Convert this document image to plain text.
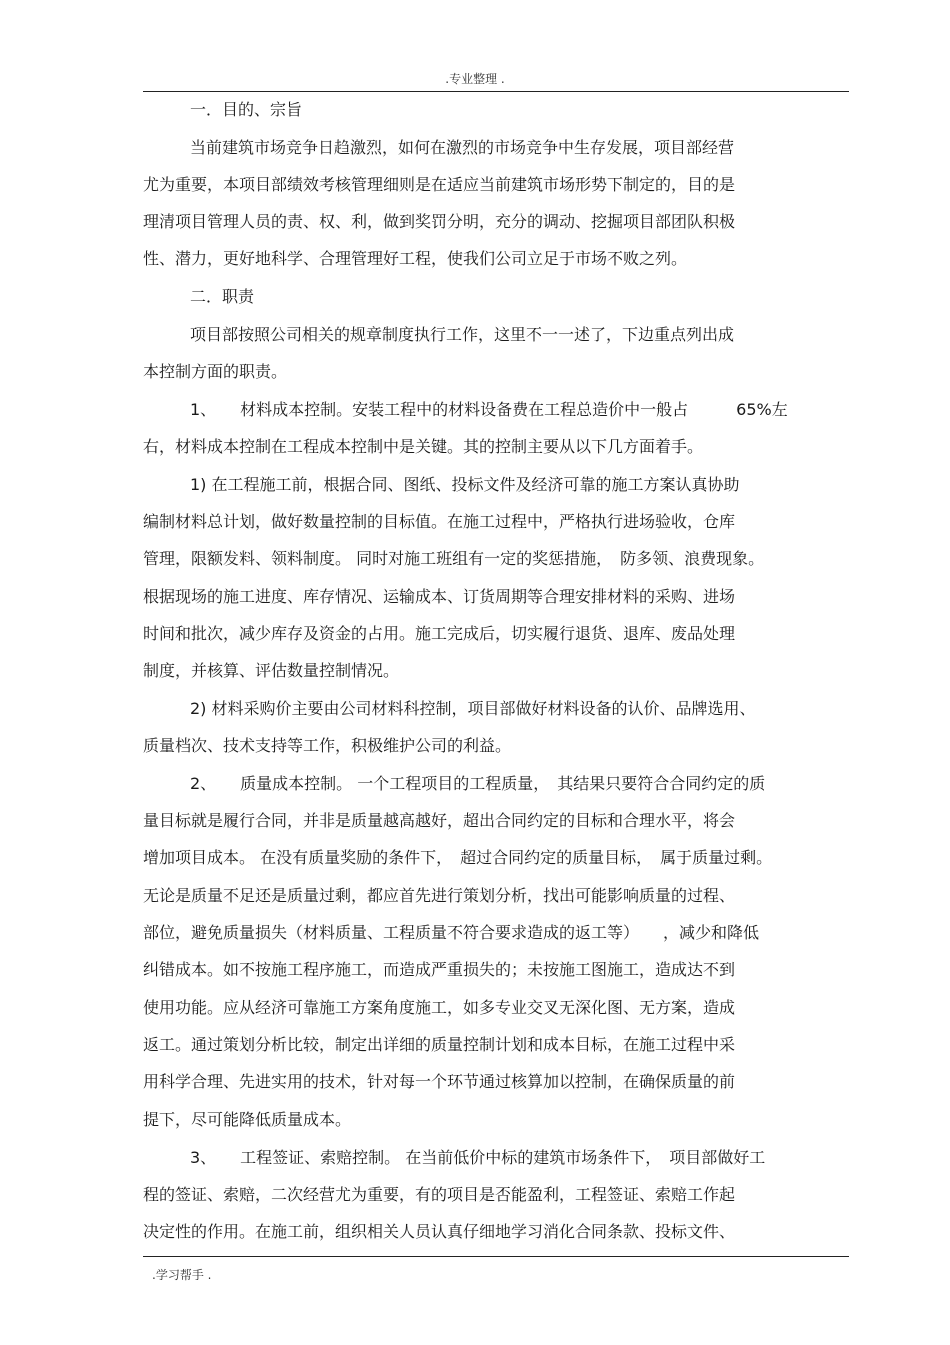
.专业整理 .
一．目的、宗旨
当前建筑市场竞争日趋激烈，如何在激烈的市场竞争中生存发展，项目部经营
尤为重要，本项目部绩效考核管理细则是在适应当前建筑市场形势下制定的，目的是
理清项目管理人员的责、权、利，做到奖罚分明，充分的调动、挖掘项目部团队积极
性、潜力，更好地科学、合理管理好工程，使我们公司立足于市场不败之列。
二．职责
项目部按照公司相关的规章制度执行工作，这里不一一述了，下边重点列出成
本控制方面的职责。
1、　　材料成本控制。安装工程中的材料设备费在工程总造价中一般占　　　65%左
右，材料成本控制在工程成本控制中是关键。其的控制主要从以下几方面着手。
1) 在工程施工前，根据合同、图纸、投标文件及经济可靠的施工方案认真协助
编制材料总计划，做好数量控制的目标值。在施工过程中，严格执行进场验收，仓库
管理，限额发料、领料制度。 同时对施工班组有一定的奖惩措施，　防多领、浪费现象。
根据现场的施工进度、库存情况、运输成本、订货周期等合理安排材料的采购、进场
时间和批次，减少库存及资金的占用。施工完成后，切实履行退货、退库、废品处理
制度，并核算、评估数量控制情况。
2) 材料采购价主要由公司材料科控制，项目部做好材料设备的认价、品牌选用、
质量档次、技术支持等工作，积极维护公司的利益。
2、　　质量成本控制。 一个工程项目的工程质量，　其结果只要符合合同约定的质
量目标就是履行合同，并非是质量越高越好，超出合同约定的目标和合理水平，将会
增加项目成本。 在没有质量奖励的条件下，　超过合同约定的质量目标，　属于质量过剩。
无论是质量不足还是质量过剩，都应首先进行策划分析，找出可能影响质量的过程、
部位，避免质量损失（材料质量、工程质量不符合要求造成的返工等）　　，减少和降低
纠错成本。如不按施工程序施工，而造成严重损失的；未按施工图施工，造成达不到
使用功能。应从经济可靠施工方案角度施工，如多专业交叉无深化图、无方案，造成
返工。通过策划分析比较，制定出详细的质量控制计划和成本目标，在施工过程中采
用科学合理、先进实用的技术，针对每一个环节通过核算加以控制，在确保质量的前
提下，尽可能降低质量成本。
3、　　工程签证、索赔控制。 在当前低价中标的建筑市场条件下，　项目部做好工
程的签证、索赔，二次经营尤为重要，有的项目是否能盈利，工程签证、索赔工作起
决定性的作用。在施工前，组织相关人员认真仔细地学习消化合同条款、投标文件、
.学习帮手 .
